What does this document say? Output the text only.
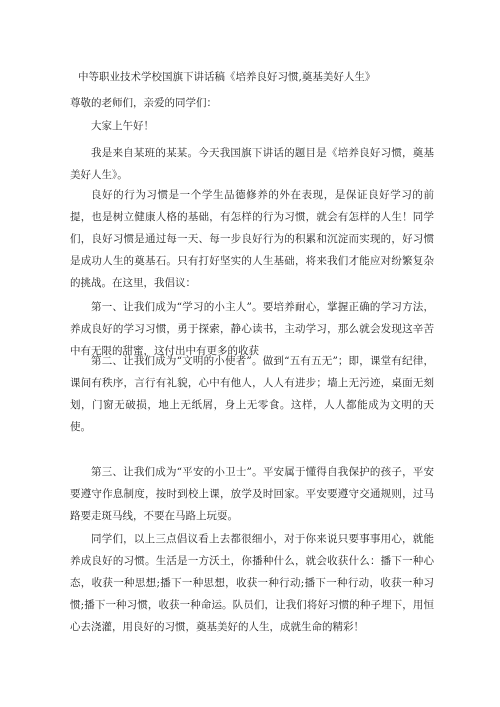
中等职业技术学校国旗下讲话稿《培养良好习惯,奠基美好人生》
尊敬的老师们，亲爱的同学们：

大家上午好！

我是来自某班的某某。今天我国旗下讲话的题目是《培养良好习惯，奠基美好人生》。

良好的行为习惯是一个学生品德修养的外在表现，是保证良好学习的前提，也是树立健康人格的基础，有怎样的行为习惯，就会有怎样的人生！同学们，良好习惯是通过每一天、每一步良好行为的积累和沉淀而实现的，好习惯是成功人生的奠基石。只有打好坚实的人生基础，将来我们才能应对纷繁复杂的挑战。在这里，我倡议：

第一、让我们成为“学习的小主人”。要培养耐心，掌握正确的学习方法，养成良好的学习习惯，勇于探索，静心读书，主动学习，那么就会发现这辛苦中有无限的甜蜜，这付出中有更多的收获

第二、让我们成为“文明的小使者”。做到“五有五无”；即，课堂有纪律，课间有秩序，言行有礼貌，心中有他人，人人有进步；墙上无污迹，桌面无刻划，门窗无破损，地上无纸屑，身上无零食。这样，人人都能成为文明的天使。

第三、让我们成为“平安的小卫士”。平安属于懂得自我保护的孩子，平安要遵守作息制度，按时到校上课，放学及时回家。平安要遵守交通规则，过马路要走斑马线，不要在马路上玩耍。

同学们，以上三点倡议看上去都很细小，对于你来说只要事事用心，就能养成良好的习惯。生活是一方沃土，你播种什么，就会收获什么：播下一种心态，收获一种思想;播下一种思想，收获一种行动;播下一种行动，收获一种习惯;播下一种习惯，收获一种命运。队员们，让我们将好习惯的种子埋下，用恒心去浇灌，用良好的习惯，奠基美好的人生，成就生命的精彩！
